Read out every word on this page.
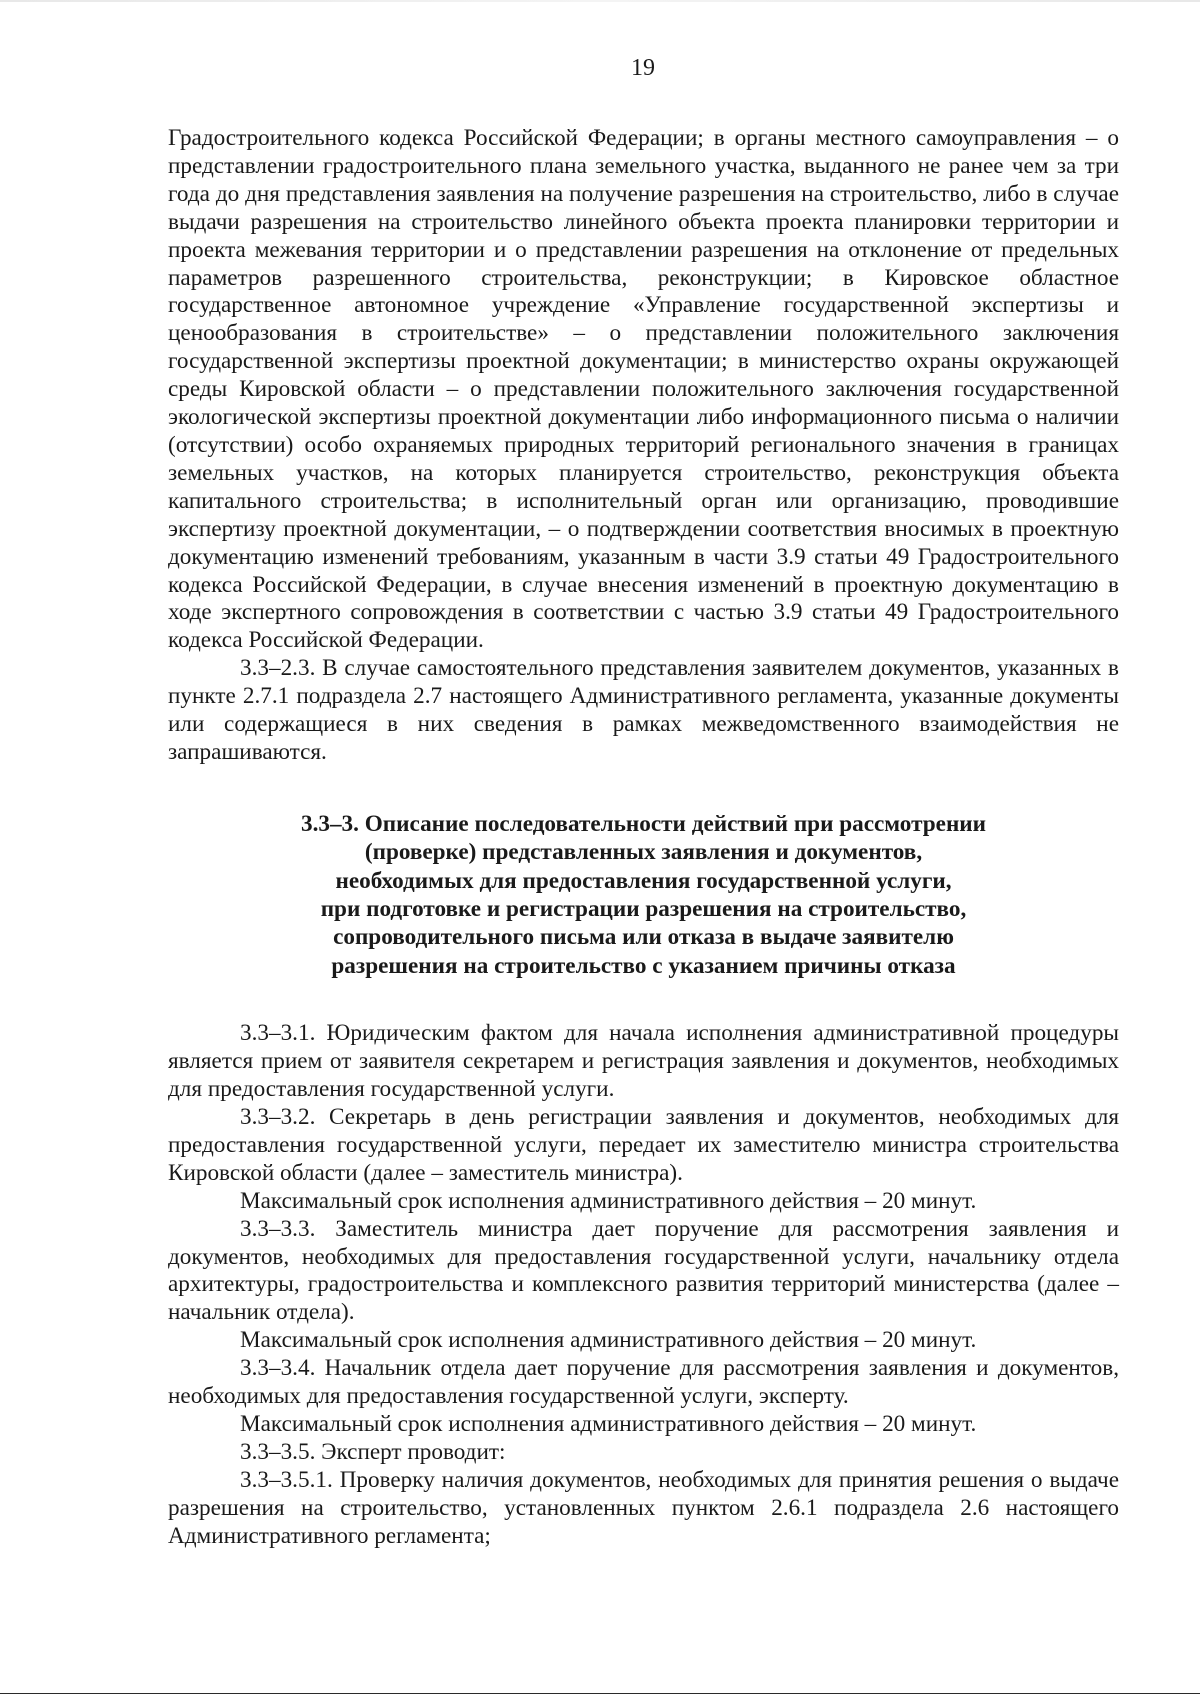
19

Градостроительного кодекса Российской Федерации; в органы местного самоуправления – о представлении градостроительного плана земельного участка, выданного не ранее чем за три года до дня представления заявления на получение разрешения на строительство, либо в случае выдачи разрешения на строительство линейного объекта проекта планировки территории и проекта межевания территории и о представлении разрешения на отклонение от предельных параметров разрешенного строительства, реконструкции; в Кировское областное государственное автономное учреждение «Управление государственной экспертизы и ценообразования в строительстве» – о представлении положительного заключения государственной экспертизы проектной документации; в министерство охраны окружающей среды Кировской области – о представлении положительного заключения государственной экологической экспертизы проектной документации либо информационного письма о наличии (отсутствии) особо охраняемых природных территорий регионального значения в границах земельных участков, на которых планируется строительство, реконструкция объекта капитального строительства; в исполнительный орган или организацию, проводившие экспертизу проектной документации, – о подтверждении соответствия вносимых в проектную документацию изменений требованиям, указанным в части 3.9 статьи 49 Градостроительного кодекса Российской Федерации, в случае внесения изменений в проектную документацию в ходе экспертного сопровождения в соответствии с частью 3.9 статьи 49 Градостроительного кодекса Российской Федерации.

3.3–2.3. В случае самостоятельного представления заявителем документов, указанных в пункте 2.7.1 подраздела 2.7 настоящего Административного регламента, указанные документы или содержащиеся в них сведения в рамках межведомственного взаимодействия не запрашиваются.

3.3–3. Описание последовательности действий при рассмотрении
(проверке) представленных заявления и документов,
необходимых для предоставления государственной услуги,
при подготовке и регистрации разрешения на строительство,
сопроводительного письма или отказа в выдаче заявителю
разрешения на строительство с указанием причины отказа

3.3–3.1. Юридическим фактом для начала исполнения административной процедуры является прием от заявителя секретарем и регистрация заявления и документов, необходимых для предоставления государственной услуги.

3.3–3.2. Секретарь в день регистрации заявления и документов, необходимых для предоставления государственной услуги, передает их заместителю министра строительства Кировской области (далее – заместитель министра).

Максимальный срок исполнения административного действия – 20 минут.

3.3–3.3. Заместитель министра дает поручение для рассмотрения заявления и документов, необходимых для предоставления государственной услуги, начальнику отдела архитектуры, градостроительства и комплексного развития территорий министерства (далее – начальник отдела).

Максимальный срок исполнения административного действия – 20 минут.

3.3–3.4. Начальник отдела дает поручение для рассмотрения заявления и документов, необходимых для предоставления государственной услуги, эксперту.

Максимальный срок исполнения административного действия – 20 минут.

3.3–3.5. Эксперт проводит:

3.3–3.5.1. Проверку наличия документов, необходимых для принятия решения о выдаче разрешения на строительство, установленных пунктом 2.6.1 подраздела 2.6 настоящего Административного регламента;
